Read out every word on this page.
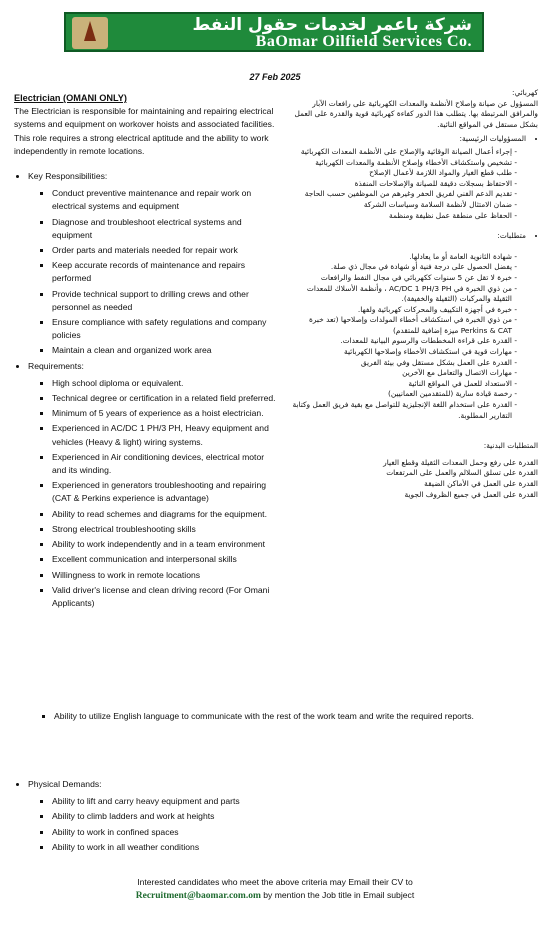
شركة باعمر لخدمات حقول النفط
BaOmar Oilfield Services Co.
27 Feb 2025
Electrician (OMANI ONLY)

The Electrician is responsible for maintaining and repairing electrical systems and equipment on workover hoists and associated facilities. This role requires a strong electrical aptitude and the ability to work independently in remote locations.

• Key Responsibilities:
▪ Conduct preventive maintenance and repair work on electrical systems and equipment
▪ Diagnose and troubleshoot electrical systems and equipment
▪ Order parts and materials needed for repair work
▪ Keep accurate records of maintenance and repairs performed
▪ Provide technical support to drilling crews and other personnel as needed
▪ Ensure compliance with safety regulations and company policies
▪ Maintain a clean and organized work area
• Requirements:
▪ High school diploma or equivalent.
▪ Technical degree or certification in a related field preferred.
▪ Minimum of 5 years of experience as a hoist electrician.
▪ Experienced in AC/DC 1 PH/3 PH, Heavy equipment and vehicles (Heavy & light) wiring systems.
▪ Experienced in Air conditioning devices, electrical motor and its winding.
▪ Experienced in generators troubleshooting and repairing (CAT & Perkins experience is advantage)
▪ Ability to read schemes and diagrams for the equipment.
▪ Strong electrical troubleshooting skills
▪ Ability to work independently and in a team environment
▪ Excellent communication and interpersonal skills
▪ Willingness to work in remote locations
▪ Valid driver's license and clean driving record (For Omani Applicants)
▪ Ability to utilize English language to communicate with the rest of the work team and write the required reports.
• Physical Demands:
▪ Ability to lift and carry heavy equipment and parts
▪ Ability to climb ladders and work at heights
▪ Ability to work in confined spaces
▪ Ability to work in all weather conditions

كهربائي:

المسؤول عن صيانة وإصلاح الأنظمة والمعدات الكهربائية على رافعات الآبار والمرافق المرتبطة بها. يتطلب هذا الدور كفاءة كهربائية قوية والقدرة على العمل بشكل مستقل في المواقع النائية.

• المسؤوليات الرئيسية:
- إجراء أعمال الصيانة الوقائية والإصلاح على الأنظمة المعدات الكهربائية
- تشخيص واستكشاف الأخطاء وإصلاح الأنظمة والمعدات الكهربائية
- طلب قطع الغيار والمواد اللازمة لأعمال الإصلاح
- الاحتفاظ بسجلات دقيقة للصيانة والإصلاحات المنفذة
- تقديم الدعم الفني لفريق الحفر وغيرهم من الموظفين حسب الحاجة
- ضمان الامتثال لأنظمة السلامة وسياسات الشركة
- الحفاظ على منطقة عمل نظيفة ومنظمة
• متطلبات:
- شهادة الثانوية العامة أو ما يعادلها.
- يفضل الحصول على درجة فنية أو شهادة في مجال ذي صلة.
- خبرة لا تقل عن 5 سنوات ككهربائي في مجال النفط والرافعات
- من ذوي الخبرة في AC/DC 1 PH/3 PH ، وأنظمة الأسلاك للمعدات الثقيلة والمركبات (الثقيلة والخفيفة).
- خبرة في أجهزة التكييف والمحركات كهربائية ولفها.
- من ذوي الخبرة في استكشاف أخطاء المولدات وإصلاحها (تعد خبرة Perkins & CAT ميزة إضافية للمتقدم)
- القدرة على قراءة المخططات والرسوم البيانية للمعدات.
- مهارات قوية في استكشاف الأخطاء وإصلاحها الكهربائية
- القدرة على العمل بشكل مستقل وفي بيئة الفريق
- مهارات الاتصال والتعامل مع الآخرين
- الاستعداد للعمل في المواقع النائية
- رخصة قيادة سارية (للمتقدمين العمانيين)
- القدرة على استخدام اللغة الإنجليزية للتواصل مع بقية فريق العمل وكتابة التقارير المطلوبة.

المتطلبات البدنية:

القدرة على رفع وحمل المعدات الثقيلة وقطع الغيار
القدرة على تسلق السلالم والعمل على المرتفعات
القدرة على العمل في الأماكن الضيقة
القدرة على العمل في جميع الظروف الجوية
Interested candidates who meet the above criteria may Email their CV to
Recruitment@baomar.com.om by mention the Job title in Email subject
